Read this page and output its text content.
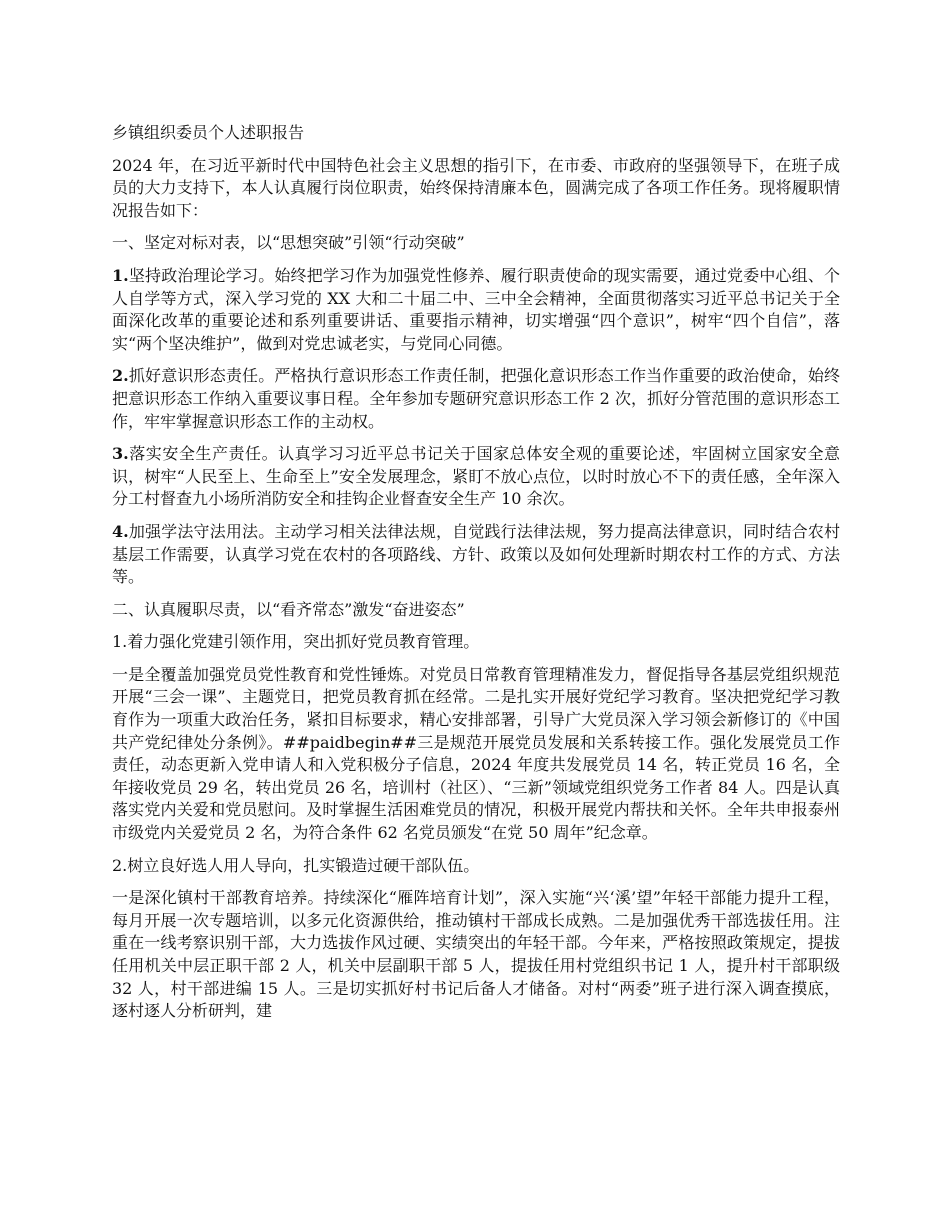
乡镇组织委员个人述职报告

2024 年，在习近平新时代中国特色社会主义思想的指引下，在市委、市政府的坚强领导下，在班子成员的大力支持下，本人认真履行岗位职责，始终保持清廉本色，圆满完成了各项工作任务。现将履职情况报告如下：

一、坚定对标对表，以“思想突破”引领“行动突破”

1.坚持政治理论学习。始终把学习作为加强党性修养、履行职责使命的现实需要，通过党委中心组、个人自学等方式，深入学习党的 XX 大和二十届二中、三中全会精神，全面贯彻落实习近平总书记关于全面深化改革的重要论述和系列重要讲话、重要指示精神，切实增强“四个意识”，树牢“四个自信”，落实“两个坚决维护”，做到对党忠诚老实，与党同心同德。

2.抓好意识形态责任。严格执行意识形态工作责任制，把强化意识形态工作当作重要的政治使命，始终把意识形态工作纳入重要议事日程。全年参加专题研究意识形态工作 2 次，抓好分管范围的意识形态工作，牢牢掌握意识形态工作的主动权。

3.落实安全生产责任。认真学习习近平总书记关于国家总体安全观的重要论述，牢固树立国家安全意识，树牢“人民至上、生命至上”安全发展理念，紧盯不放心点位，以时时放心不下的责任感，全年深入分工村督查九小场所消防安全和挂钩企业督查安全生产 10 余次。

4.加强学法守法用法。主动学习相关法律法规，自觉践行法律法规，努力提高法律意识，同时结合农村基层工作需要，认真学习党在农村的各项路线、方针、政策以及如何处理新时期农村工作的方式、方法等。

二、认真履职尽责，以“看齐常态”激发“奋进姿态”

1.着力强化党建引领作用，突出抓好党员教育管理。

一是全覆盖加强党员党性教育和党性锤炼。对党员日常教育管理精准发力，督促指导各基层党组织规范开展“三会一课”、主题党日，把党员教育抓在经常。二是扎实开展好党纪学习教育。坚决把党纪学习教育作为一项重大政治任务，紧扣目标要求，精心安排部署，引导广大党员深入学习领会新修订的《中国共产党纪律处分条例》。##paidbegin##三是规范开展党员发展和关系转接工作。强化发展党员工作责任，动态更新入党申请人和入党积极分子信息，2024 年度共发展党员 14 名，转正党员 16 名，全年接收党员 29 名，转出党员 26 名，培训村（社区）、“三新”领域党组织党务工作者 84 人。四是认真落实党内关爱和党员慰问。及时掌握生活困难党员的情况，积极开展党内帮扶和关怀。全年共申报泰州市级党内关爱党员 2 名，为符合条件 62 名党员颁发“在党 50 周年”纪念章。

2.树立良好选人用人导向，扎实锻造过硬干部队伍。

一是深化镇村干部教育培养。持续深化“雁阵培育计划”，深入实施“兴‘溪’望”年轻干部能力提升工程，每月开展一次专题培训，以多元化资源供给，推动镇村干部成长成熟。二是加强优秀干部选拔任用。注重在一线考察识别干部，大力选拔作风过硬、实绩突出的年轻干部。今年来，严格按照政策规定，提拔任用机关中层正职干部 2 人，机关中层副职干部 5 人，提拔任用村党组织书记 1 人，提升村干部职级 32 人，村干部进编 15 人。三是切实抓好村书记后备人才储备。对村“两委”班子进行深入调查摸底，逐村逐人分析研判，建
